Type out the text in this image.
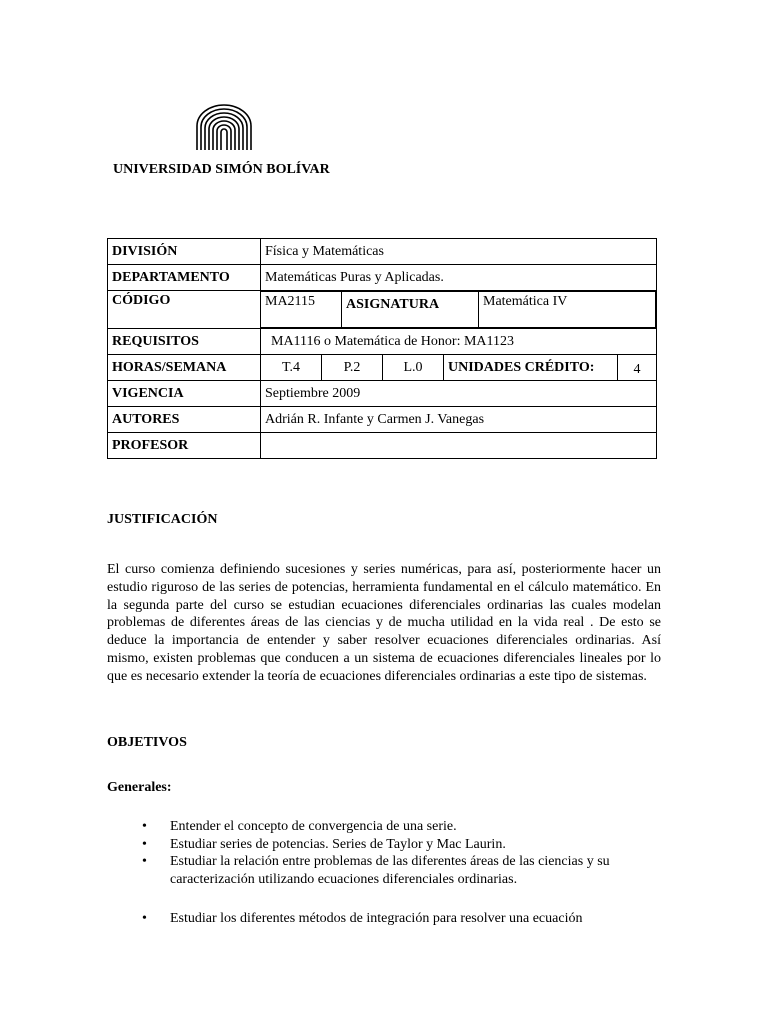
UNIVERSIDAD SIMÓN BOLÍVAR
DIVISIÓN	Física y Matemáticas
DEPARTAMENTO	Matemáticas Puras y Aplicadas.
CÓDIGO		MA2115	ASIGNATURA	Matemática IV

REQUISITOS	MA1116 o Matemática de Honor: MA1123
HORAS/SEMANA	T.4	P.2	L.0	UNIDADES CRÉDITO:	4
VIGENCIA	Septiembre 2009
AUTORES	Adrián R. Infante y Carmen J. Vanegas
PROFESOR	
JUSTIFICACIÓN

El curso comienza definiendo sucesiones y series numéricas, para así, posteriormente hacer un estudio riguroso de las series de potencias, herramienta fundamental en el cálculo matemático. En la segunda parte del curso se estudian ecuaciones diferenciales ordinarias las cuales modelan problemas de diferentes áreas de las ciencias y de mucha utilidad en la vida real . De esto se deduce la importancia de entender y saber resolver ecuaciones diferenciales ordinarias. Así mismo, existen problemas que conducen a un sistema de ecuaciones diferenciales lineales por lo que es necesario extender la teoría de ecuaciones diferenciales ordinarias a este tipo de sistemas.

OBJETIVOS
Generales:
• Entender el concepto de convergencia de una serie.
• Estudiar series de potencias. Series de Taylor y Mac Laurin.
• Estudiar la relación entre problemas de las diferentes áreas de las ciencias y su caracterización utilizando ecuaciones diferenciales ordinarias.
• Estudiar los diferentes métodos de integración para resolver una ecuación
